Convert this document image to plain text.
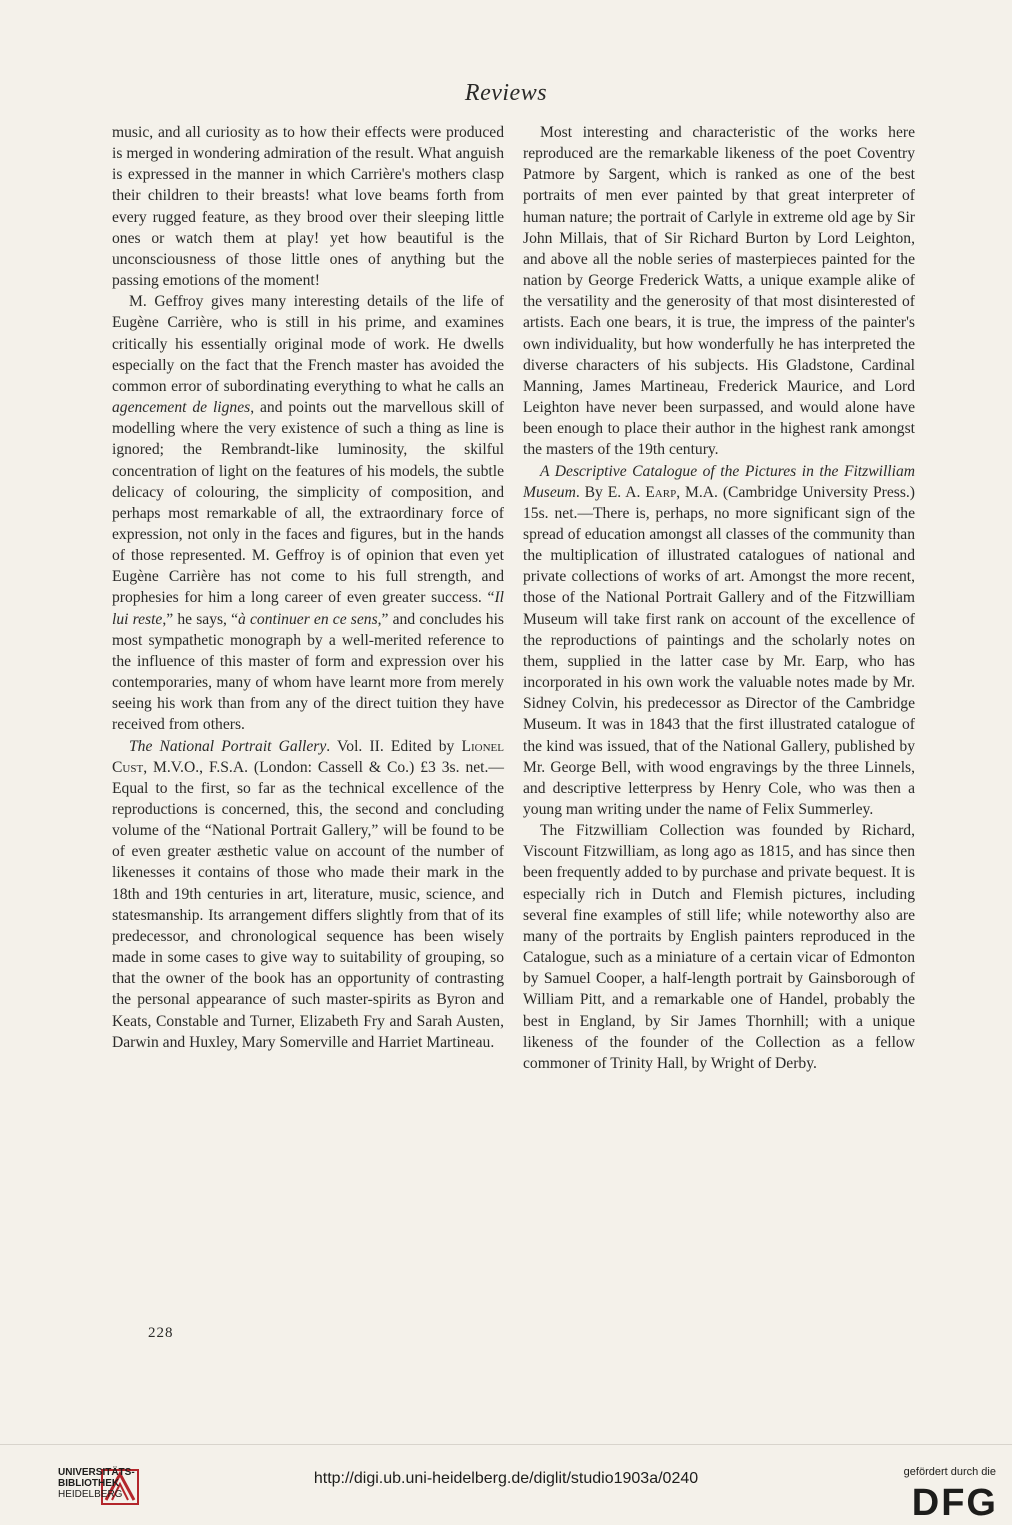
Reviews

music, and all curiosity as to how their effects were produced is merged in wondering admiration of the result. What anguish is expressed in the manner in which Carrière's mothers clasp their children to their breasts! what love beams forth from every rugged feature, as they brood over their sleeping little ones or watch them at play! yet how beautiful is the unconsciousness of those little ones of anything but the passing emotions of the moment!

M. Geffroy gives many interesting details of the life of Eugène Carrière, who is still in his prime, and examines critically his essentially original mode of work. He dwells especially on the fact that the French master has avoided the common error of subordinating everything to what he calls an agencement de lignes, and points out the marvellous skill of modelling where the very existence of such a thing as line is ignored; the Rembrandt-like luminosity, the skilful concentration of light on the features of his models, the subtle delicacy of colouring, the simplicity of composition, and perhaps most remarkable of all, the extraordinary force of expression, not only in the faces and figures, but in the hands of those represented. M. Geffroy is of opinion that even yet Eugène Carrière has not come to his full strength, and prophesies for him a long career of even greater success. “Il lui reste,” he says, “à continuer en ce sens,” and concludes his most sympathetic monograph by a well-merited reference to the influence of this master of form and expression over his contemporaries, many of whom have learnt more from merely seeing his work than from any of the direct tuition they have received from others.

The National Portrait Gallery. Vol. II. Edited by Lionel Cust, M.V.O., F.S.A. (London: Cassell & Co.) £3 3s. net.—Equal to the first, so far as the technical excellence of the reproductions is concerned, this, the second and concluding volume of the “National Portrait Gallery,” will be found to be of even greater æsthetic value on account of the number of likenesses it contains of those who made their mark in the 18th and 19th centuries in art, literature, music, science, and statesmanship. Its arrangement differs slightly from that of its predecessor, and chronological sequence has been wisely made in some cases to give way to suitability of grouping, so that the owner of the book has an opportunity of contrasting the personal appearance of such master-spirits as Byron and Keats, Constable and Turner, Elizabeth Fry and Sarah Austen, Darwin and Huxley, Mary Somerville and Harriet Martineau.

Most interesting and characteristic of the works here reproduced are the remarkable likeness of the poet Coventry Patmore by Sargent, which is ranked as one of the best portraits of men ever painted by that great interpreter of human nature; the portrait of Carlyle in extreme old age by Sir John Millais, that of Sir Richard Burton by Lord Leighton, and above all the noble series of masterpieces painted for the nation by George Frederick Watts, a unique example alike of the versatility and the generosity of that most disinterested of artists. Each one bears, it is true, the impress of the painter's own individuality, but how wonderfully he has interpreted the diverse characters of his subjects. His Gladstone, Cardinal Manning, James Martineau, Frederick Maurice, and Lord Leighton have never been surpassed, and would alone have been enough to place their author in the highest rank amongst the masters of the 19th century.

A Descriptive Catalogue of the Pictures in the Fitzwilliam Museum. By E. A. Earp, M.A. (Cambridge University Press.) 15s. net.—There is, perhaps, no more significant sign of the spread of education amongst all classes of the community than the multiplication of illustrated catalogues of national and private collections of works of art. Amongst the more recent, those of the National Portrait Gallery and of the Fitzwilliam Museum will take first rank on account of the excellence of the reproductions of paintings and the scholarly notes on them, supplied in the latter case by Mr. Earp, who has incorporated in his own work the valuable notes made by Mr. Sidney Colvin, his predecessor as Director of the Cambridge Museum. It was in 1843 that the first illustrated catalogue of the kind was issued, that of the National Gallery, published by Mr. George Bell, with wood engravings by the three Linnels, and descriptive letterpress by Henry Cole, who was then a young man writing under the name of Felix Summerley.

The Fitzwilliam Collection was founded by Richard, Viscount Fitzwilliam, as long ago as 1815, and has since then been frequently added to by purchase and private bequest. It is especially rich in Dutch and Flemish pictures, including several fine examples of still life; while noteworthy also are many of the portraits by English painters reproduced in the Catalogue, such as a miniature of a certain vicar of Edmonton by Samuel Cooper, a half-length portrait by Gainsborough of William Pitt, and a remarkable one of Handel, probably the best in England, by Sir James Thornhill; with a unique likeness of the founder of the Collection as a fellow commoner of Trinity Hall, by Wright of Derby.

228
UNIVERSITÄTS-
BIBLIOTHEK
HEIDELBERG
http://digi.ub.uni-heidelberg.de/diglit/studio1903a/0240	gefördert durch die
DFG
